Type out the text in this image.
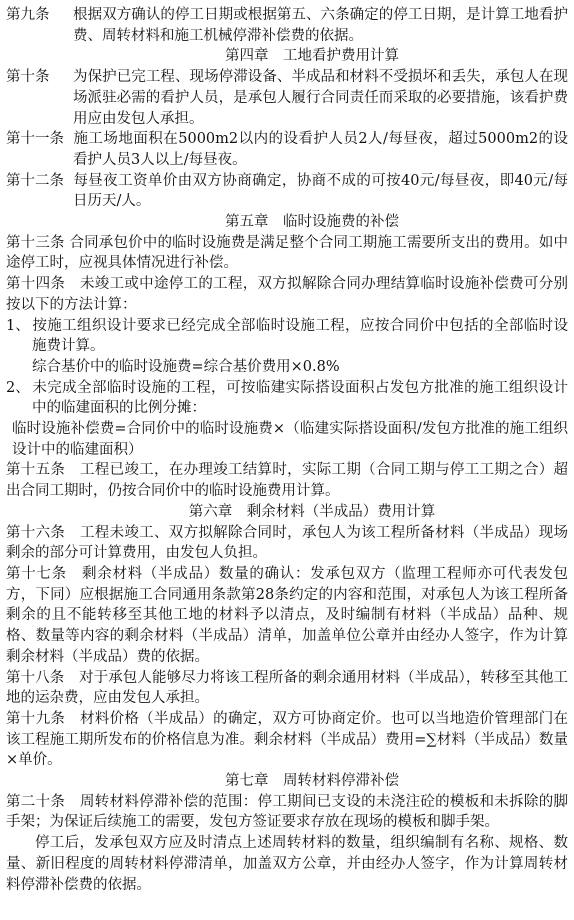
第九条 根据双方确认的停工日期或根据第五、六条确定的停工日期，是计算工地看护费、周转材料和施工机械停滞补偿费的依据。

第四章　工地看护费用计算

第十条 为保护已完工程、现场停滞设备、半成品和材料不受损坏和丢失，承包人在现场派驻必需的看护人员，是承包人履行合同责任而采取的必要措施，该看护费用应由发包人承担。
第十一条 施工场地面积在5000m2以内的设看护人员2人/每昼夜，超过5000m2的设看护人员3人以上/每昼夜。
第十二条 每昼夜工资单价由双方协商确定，协商不成的可按40元/每昼夜，即40元/每日历天/人。

第五章　临时设施费的补偿

第十三条 合同承包价中的临时设施费是满足整个合同工期施工需要所支出的费用。如中途停工时，应视具体情况进行补偿。

第十四条　未竣工或中途停工的工程，双方拟解除合同办理结算临时设施补偿费可分别按以下的方法计算：

1、 按施工组织设计要求已经完成全部临时设施工程，应按合同价中包括的全部临时设施费计算。

综合基价中的临时设施费=综合基价费用×0.8%

2、 未完成全部临时设施的工程，可按临建实际搭设面积占发包方批准的施工组织设计中的临建面积的比例分摊：

临时设施补偿费=合同价中的临时设施费×（临建实际搭设面积/发包方批准的施工组织设计中的临建面积）

第十五条　工程已竣工，在办理竣工结算时，实际工期（合同工期与停工工期之合）超出合同工期时，仍按合同价中的临时设施费用计算。

第六章　剩余材料（半成品）费用计算

第十六条　工程未竣工、双方拟解除合同时，承包人为该工程所备材料（半成品）现场剩余的部分可计算费用，由发包人负担。

第十七条　剩余材料（半成品）数量的确认：发承包双方（监理工程师亦可代表发包方，下同）应根据施工合同通用条款第28条约定的内容和范围，对承包人为该工程所备剩余的且不能转移至其他工地的材料予以清点，及时编制有材料（半成品）品种、规格、数量等内容的剩余材料（半成品）清单，加盖单位公章并由经办人签字，作为计算剩余材料（半成品）费的依据。

第十八条　对于承包人能够尽力将该工程所备的剩余通用材料（半成品），转移至其他工地的运杂费，应由发包人承担。

第十九条　材料价格（半成品）的确定，双方可协商定价。也可以当地造价管理部门在该工程施工期所发布的价格信息为准。剩余材料（半成品）费用=∑材料（半成品）数量×单价。

第七章　周转材料停滞补偿

第二十条　周转材料停滞补偿的范围：停工期间已支设的未浇注砼的模板和未拆除的脚手架；为保证后续施工的需要，发包方签证要求存放在现场的模板和脚手架。

停工后，发承包双方应及时清点上述周转材料的数量，组织编制有名称、规格、数量、新旧程度的周转材料停滞清单，加盖双方公章，并由经办人签字，作为计算周转材料停滞补偿费的依据。
